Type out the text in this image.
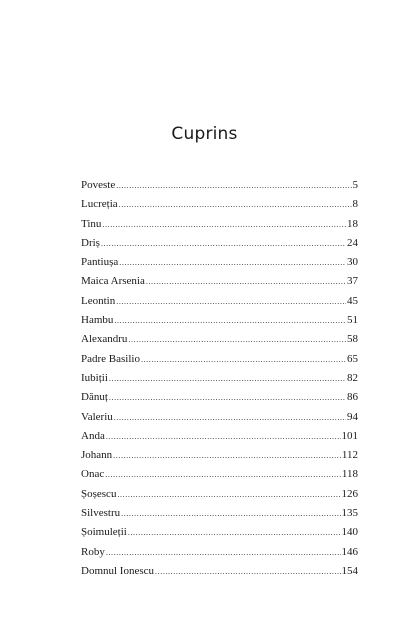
Cuprins
Poveste .....	5
Lucreția .....	8
Tinu .....	18
Driș .....	24
Pantiușa .....	30
Maica Arsenia .....	37
Leontin .....	45
Hambu .....	51
Alexandru .....	58
Padre Basilio .....	65
Iubiții .....	82
Dănuț .....	86
Valeriu .....	94
Anda .....	101
Johann .....	112
Onac .....	118
Șoșescu .....	126
Silvestru .....	135
Șoimuleții .....	140
Roby .....	146
Domnul Ionescu .....	154
